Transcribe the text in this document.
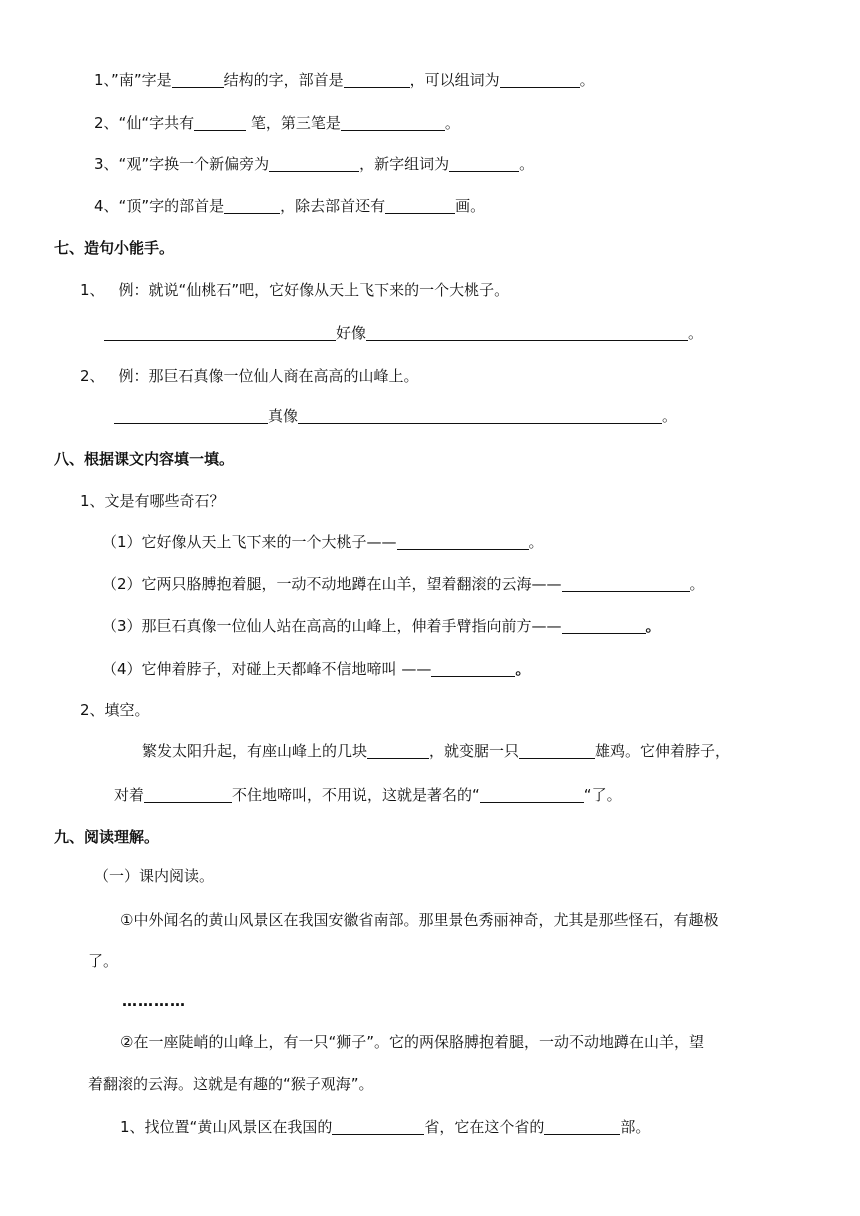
1、”南”字是	结构的字，部首是	，可以组词为	。
2、“仙“字共有	笔，第三笔是	。
3、“观”字换一个新偏旁为	，新字组词为	。
4、“顶”字的部首是	，除去部首还有	画。
七、造句小能手。
1、 例：就说“仙桃石”吧，它好像从天上飞下来的一个大桃子。
好像	。
2、 例：那巨石真像一位仙人商在高高的山峰上。
真像	。
八、根据课文内容填一填。
1、文是有哪些奇石？
（1）它好像从天上飞下来的一个大桃子——	。
（2）它两只胳膊抱着腿，一动不动地蹲在山羊，望着翻滚的云海——	。
（3）那巨石真像一位仙人站在高高的山峰上，伸着手臂指向前方——	。
（4）它伸着脖子，对碰上天都峰不信地啼叫 ——	。
2、填空。
繁发太阳升起，有座山峰上的几块	，就变腒一只	雄鸡。它伸着脖子，
对着	不住地啼叫，不用说，这就是著名的“	“了。
九、阅读理解。
（一）课内阅读。
①中外闻名的黄山风景区在我国安徽省南部。那里景色秀丽神奇，尤其是那些怪石，有趣极
了。
…………
②在一座陡峭的山峰上，有一只“狮子”。它的两保胳膊抱着腿，一动不动地蹲在山羊，望
着翻滚的云海。这就是有趣的“猴子观海”。
1、找位置“黄山风景区在我国的	省，它在这个省的	部。
